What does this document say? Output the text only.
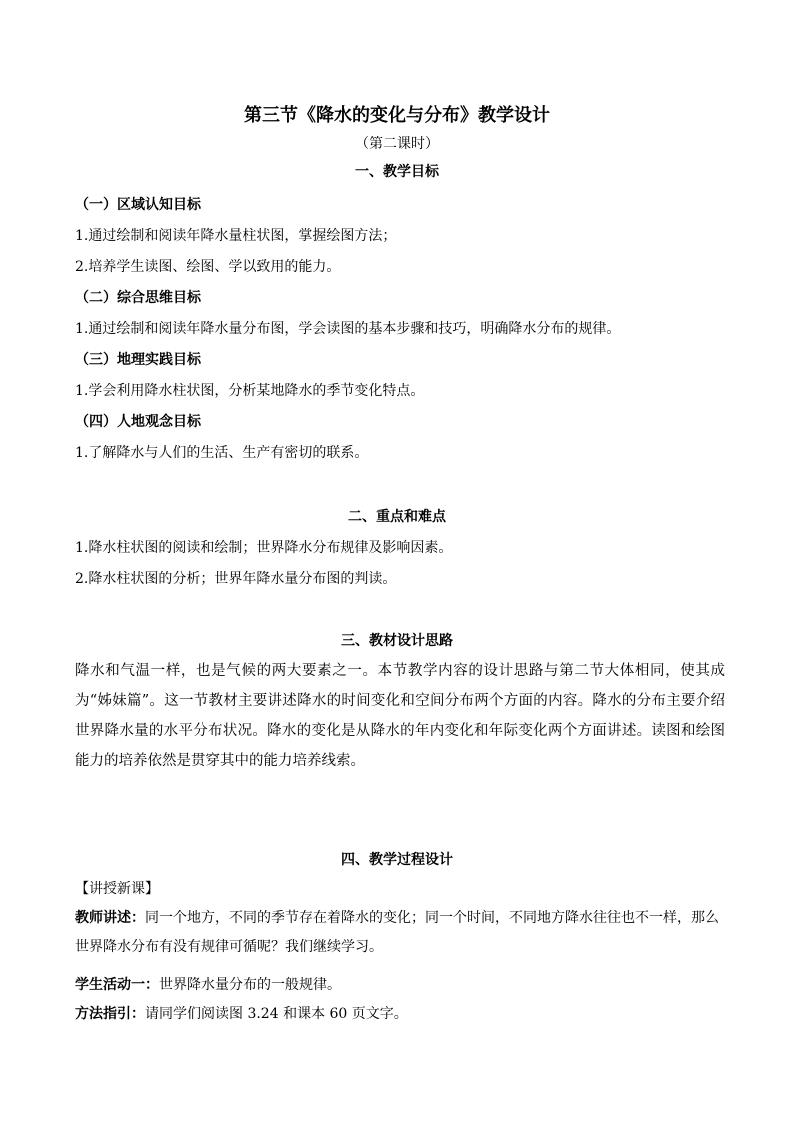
第三节《降水的变化与分布》教学设计
（第二课时）
一、教学目标
（一）区域认知目标
1.通过绘制和阅读年降水量柱状图，掌握绘图方法；
2.培养学生读图、绘图、学以致用的能力。
（二）综合思维目标
1.通过绘制和阅读年降水量分布图，学会读图的基本步骤和技巧，明确降水分布的规律。
（三）地理实践目标
1.学会利用降水柱状图，分析某地降水的季节变化特点。
（四）人地观念目标
1.了解降水与人们的生活、生产有密切的联系。
二、重点和难点
1.降水柱状图的阅读和绘制；世界降水分布规律及影响因素。
2.降水柱状图的分析；世界年降水量分布图的判读。
三、教材设计思路
降水和气温一样，也是气候的两大要素之一。本节教学内容的设计思路与第二节大体相同，使其成为“姊妹篇”。这一节教材主要讲述降水的时间变化和空间分布两个方面的内容。降水的分布主要介绍世界降水量的水平分布状况。降水的变化是从降水的年内变化和年际变化两个方面讲述。读图和绘图能力的培养依然是贯穿其中的能力培养线索。
四、教学过程设计
【讲授新课】
教师讲述：同一个地方，不同的季节存在着降水的变化；同一个时间，不同地方降水往往也不一样，那么世界降水分布有没有规律可循呢？我们继续学习。
学生活动一：世界降水量分布的一般规律。
方法指引：请同学们阅读图 3.24 和课本 60 页文字。
